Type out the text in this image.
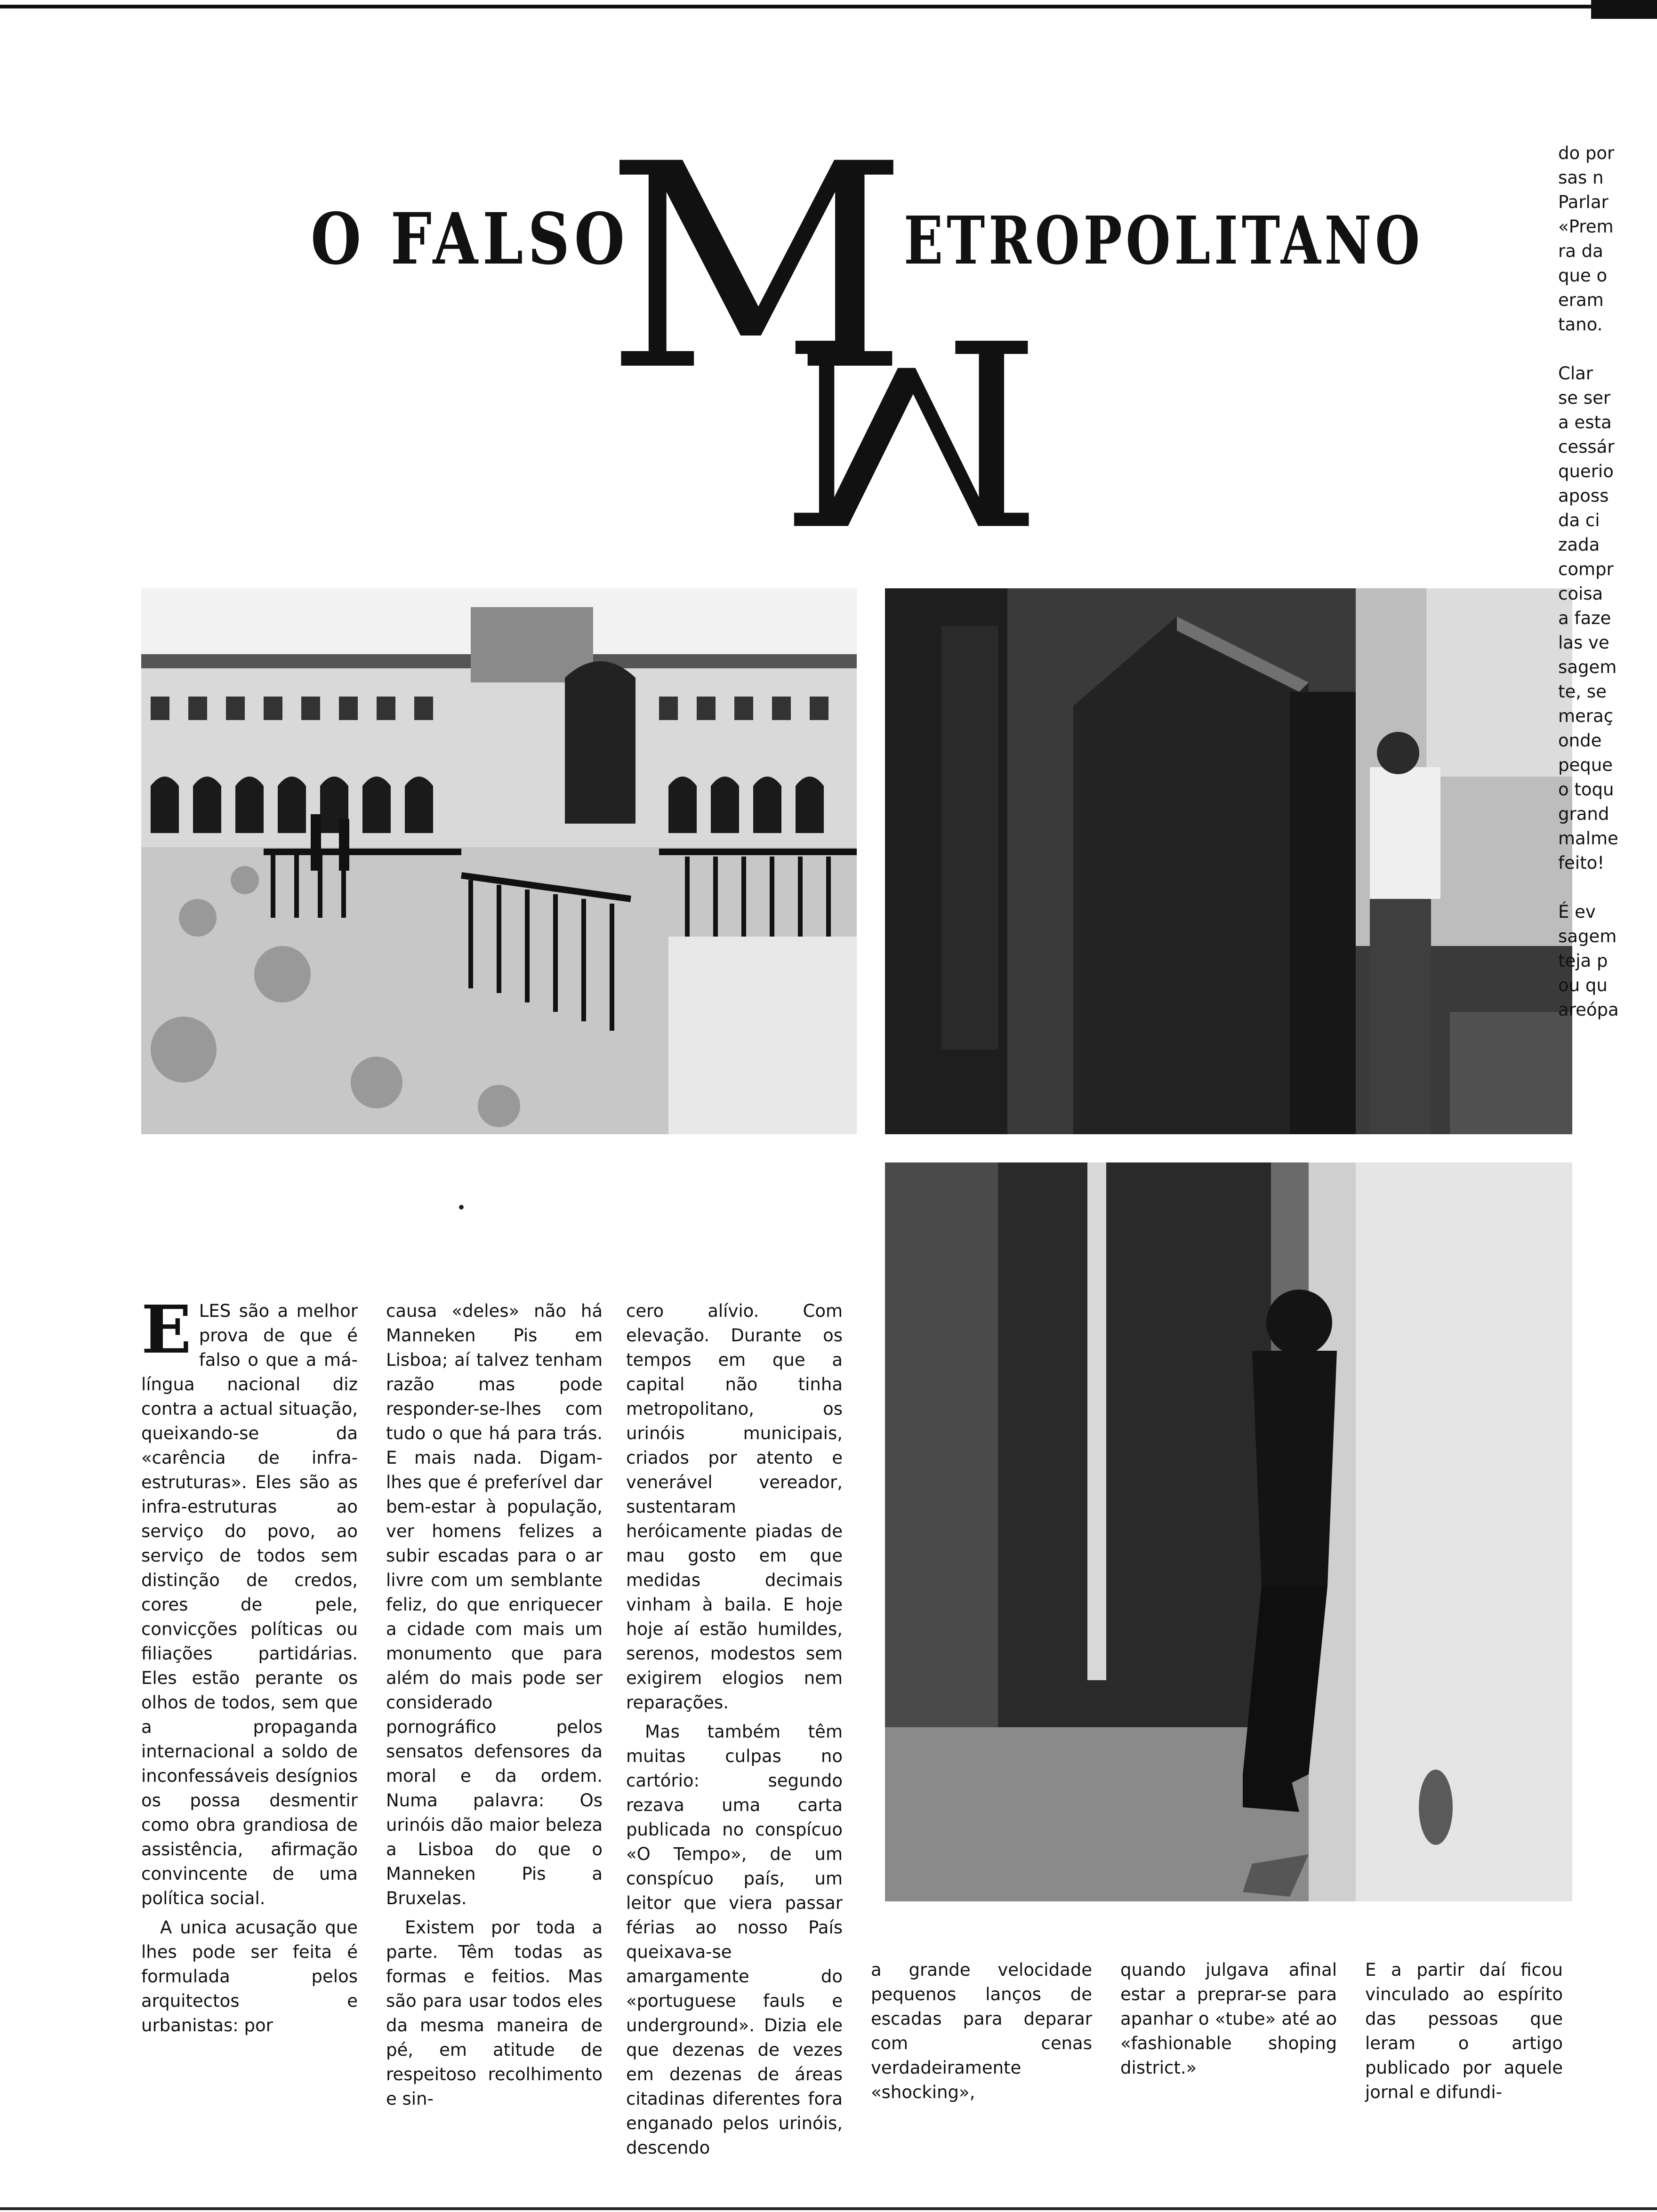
O FALSO
M
M
ETROPOLITANO
E LES são a melhor prova de que é falso o que a má-língua nacional diz contra a actual situação, queixando-se da «carência de infra-estruturas». Eles são as infra-estruturas ao serviço do povo, ao serviço de todos sem distinção de credos, cores de pele, convicções políticas ou filiações partidárias. Eles estão perante os olhos de todos, sem que a propaganda internacional a soldo de inconfessáveis desígnios os possa desmentir como obra grandiosa de assistência, afirmação convincente de uma política social.

A unica acusação que lhes pode ser feita é formulada pelos arquitectos e urbanistas: por

causa «deles» não há Manneken Pis em Lisboa; aí talvez tenham razão mas pode responder-se-lhes com tudo o que há para trás. E mais nada. Digam-lhes que é preferível dar bem-estar à população, ver homens felizes a subir escadas para o ar livre com um semblante feliz, do que enriquecer a cidade com mais um monumento que para além do mais pode ser considerado pornográfico pelos sensatos defensores da moral e da ordem. Numa palavra: Os urinóis dão maior beleza a Lisboa do que o Manneken Pis a Bruxelas.

Existem por toda a parte. Têm todas as formas e feitios. Mas são para usar todos eles da mesma maneira de pé, em atitude de respeitoso recolhimento e sin-

cero alívio. Com elevação. Durante os tempos em que a capital não tinha metropolitano, os urinóis municipais, criados por atento e venerável vereador, sustentaram heróicamente piadas de mau gosto em que medidas decimais vinham à baila. E hoje hoje aí estão humildes, serenos, modestos sem exigirem elogios nem reparações.

Mas também têm muitas culpas no cartório: segundo rezava uma carta publicada no conspícuo «O Tempo», de um conspícuo país, um leitor que viera passar férias ao nosso País queixava-se amargamente do «portuguese fauls e underground». Dizia ele que dezenas de vezes em dezenas de áreas citadinas diferentes fora enganado pelos urinóis, descendo

a grande velocidade pequenos lanços de escadas para deparar com cenas verdadeiramente «shocking»,

quando julgava afinal estar a preprar-se para apanhar o «tube» até ao «fashionable shoping district.»

E a partir daí ficou vinculado ao espírito das pessoas que leram o artigo publicado por aquele jornal e difundi-

do por
sas n
Parlar
«Prem
ra da
que o
eram
tano.
Clar
se ser
a esta
cessár
querio
aposs
da ci
zada
compr
coisa
a faze
las ve
sagem
te, se
meraç
onde
peque
o toqu
grand
malme
feito!
É ev
sagem
teja p
ou qu
areópa
